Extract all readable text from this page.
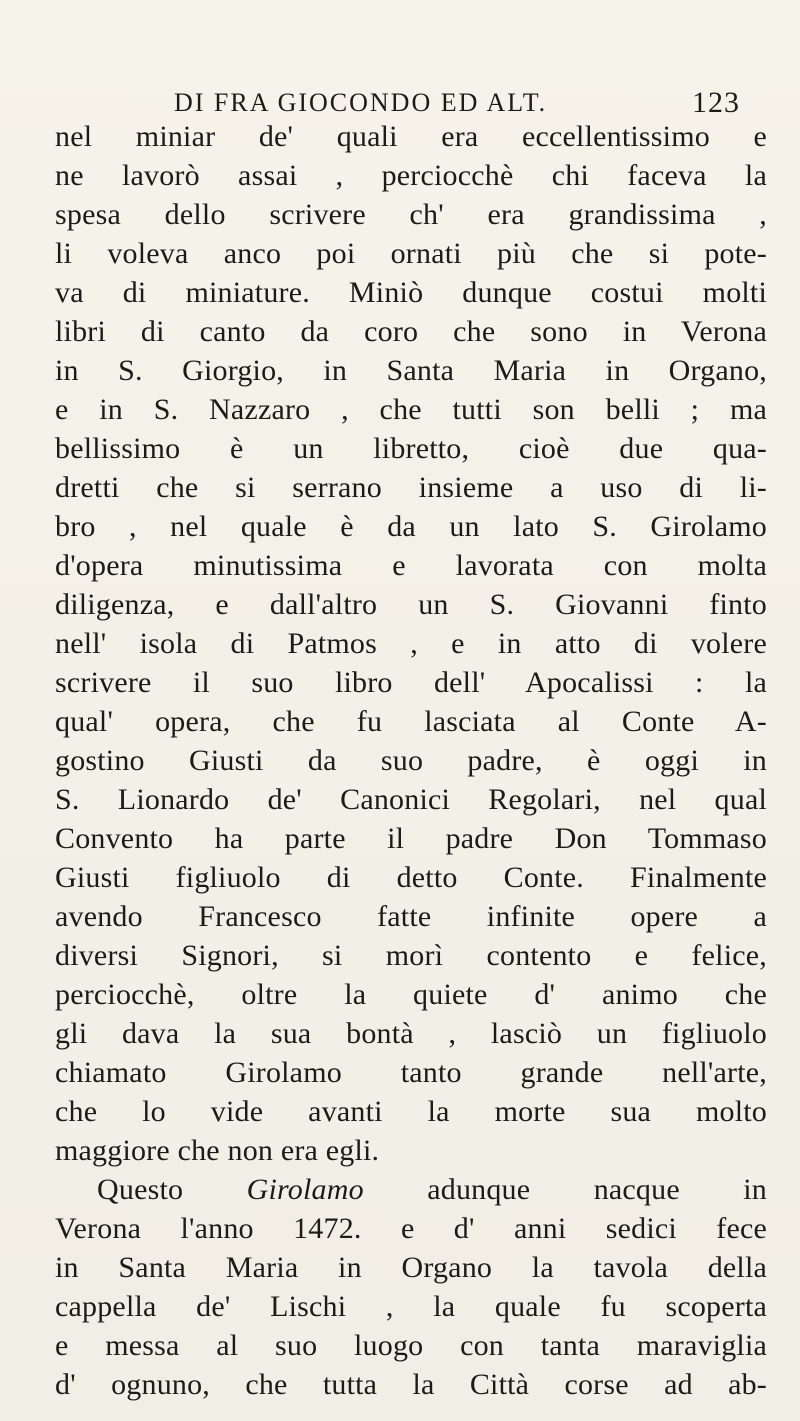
DI FRA GIOCONDO ED ALT.	123
nel miniar de' quali era eccellentissimo e
ne lavorò assai , perciocchè chi faceva la
spesa dello scrivere ch' era grandissima ,
li voleva anco poi ornati più che si pote-
va di miniature. Miniò dunque costui molti
libri di canto da coro che sono in Verona
in S. Giorgio, in Santa Maria in Organo,
e in S. Nazzaro , che tutti son belli ; ma
bellissimo è un libretto, cioè due qua-
dretti che si serrano insieme a uso di li-
bro , nel quale è da un lato S. Girolamo
d'opera minutissima e lavorata con molta
diligenza, e dall'altro un S. Giovanni finto
nell' isola di Patmos , e in atto di volere
scrivere il suo libro dell' Apocalissi : la
qual' opera, che fu lasciata al Conte A-
gostino Giusti da suo padre, è oggi in
S. Lionardo de' Canonici Regolari, nel qual
Convento ha parte il padre Don Tommaso
Giusti figliuolo di detto Conte. Finalmente
avendo Francesco fatte infinite opere a
diversi Signori, si morì contento e felice,
perciocchè, oltre la quiete d' animo che
gli dava la sua bontà , lasciò un figliuolo
chiamato Girolamo tanto grande nell'arte,
che lo vide avanti la morte sua molto
maggiore che non era egli.
Questo Girolamo adunque nacque in
Verona l'anno 1472. e d' anni sedici fece
in Santa Maria in Organo la tavola della
cappella de' Lischi , la quale fu scoperta
e messa al suo luogo con tanta maraviglia
d' ognuno, che tutta la Città corse ad ab-
